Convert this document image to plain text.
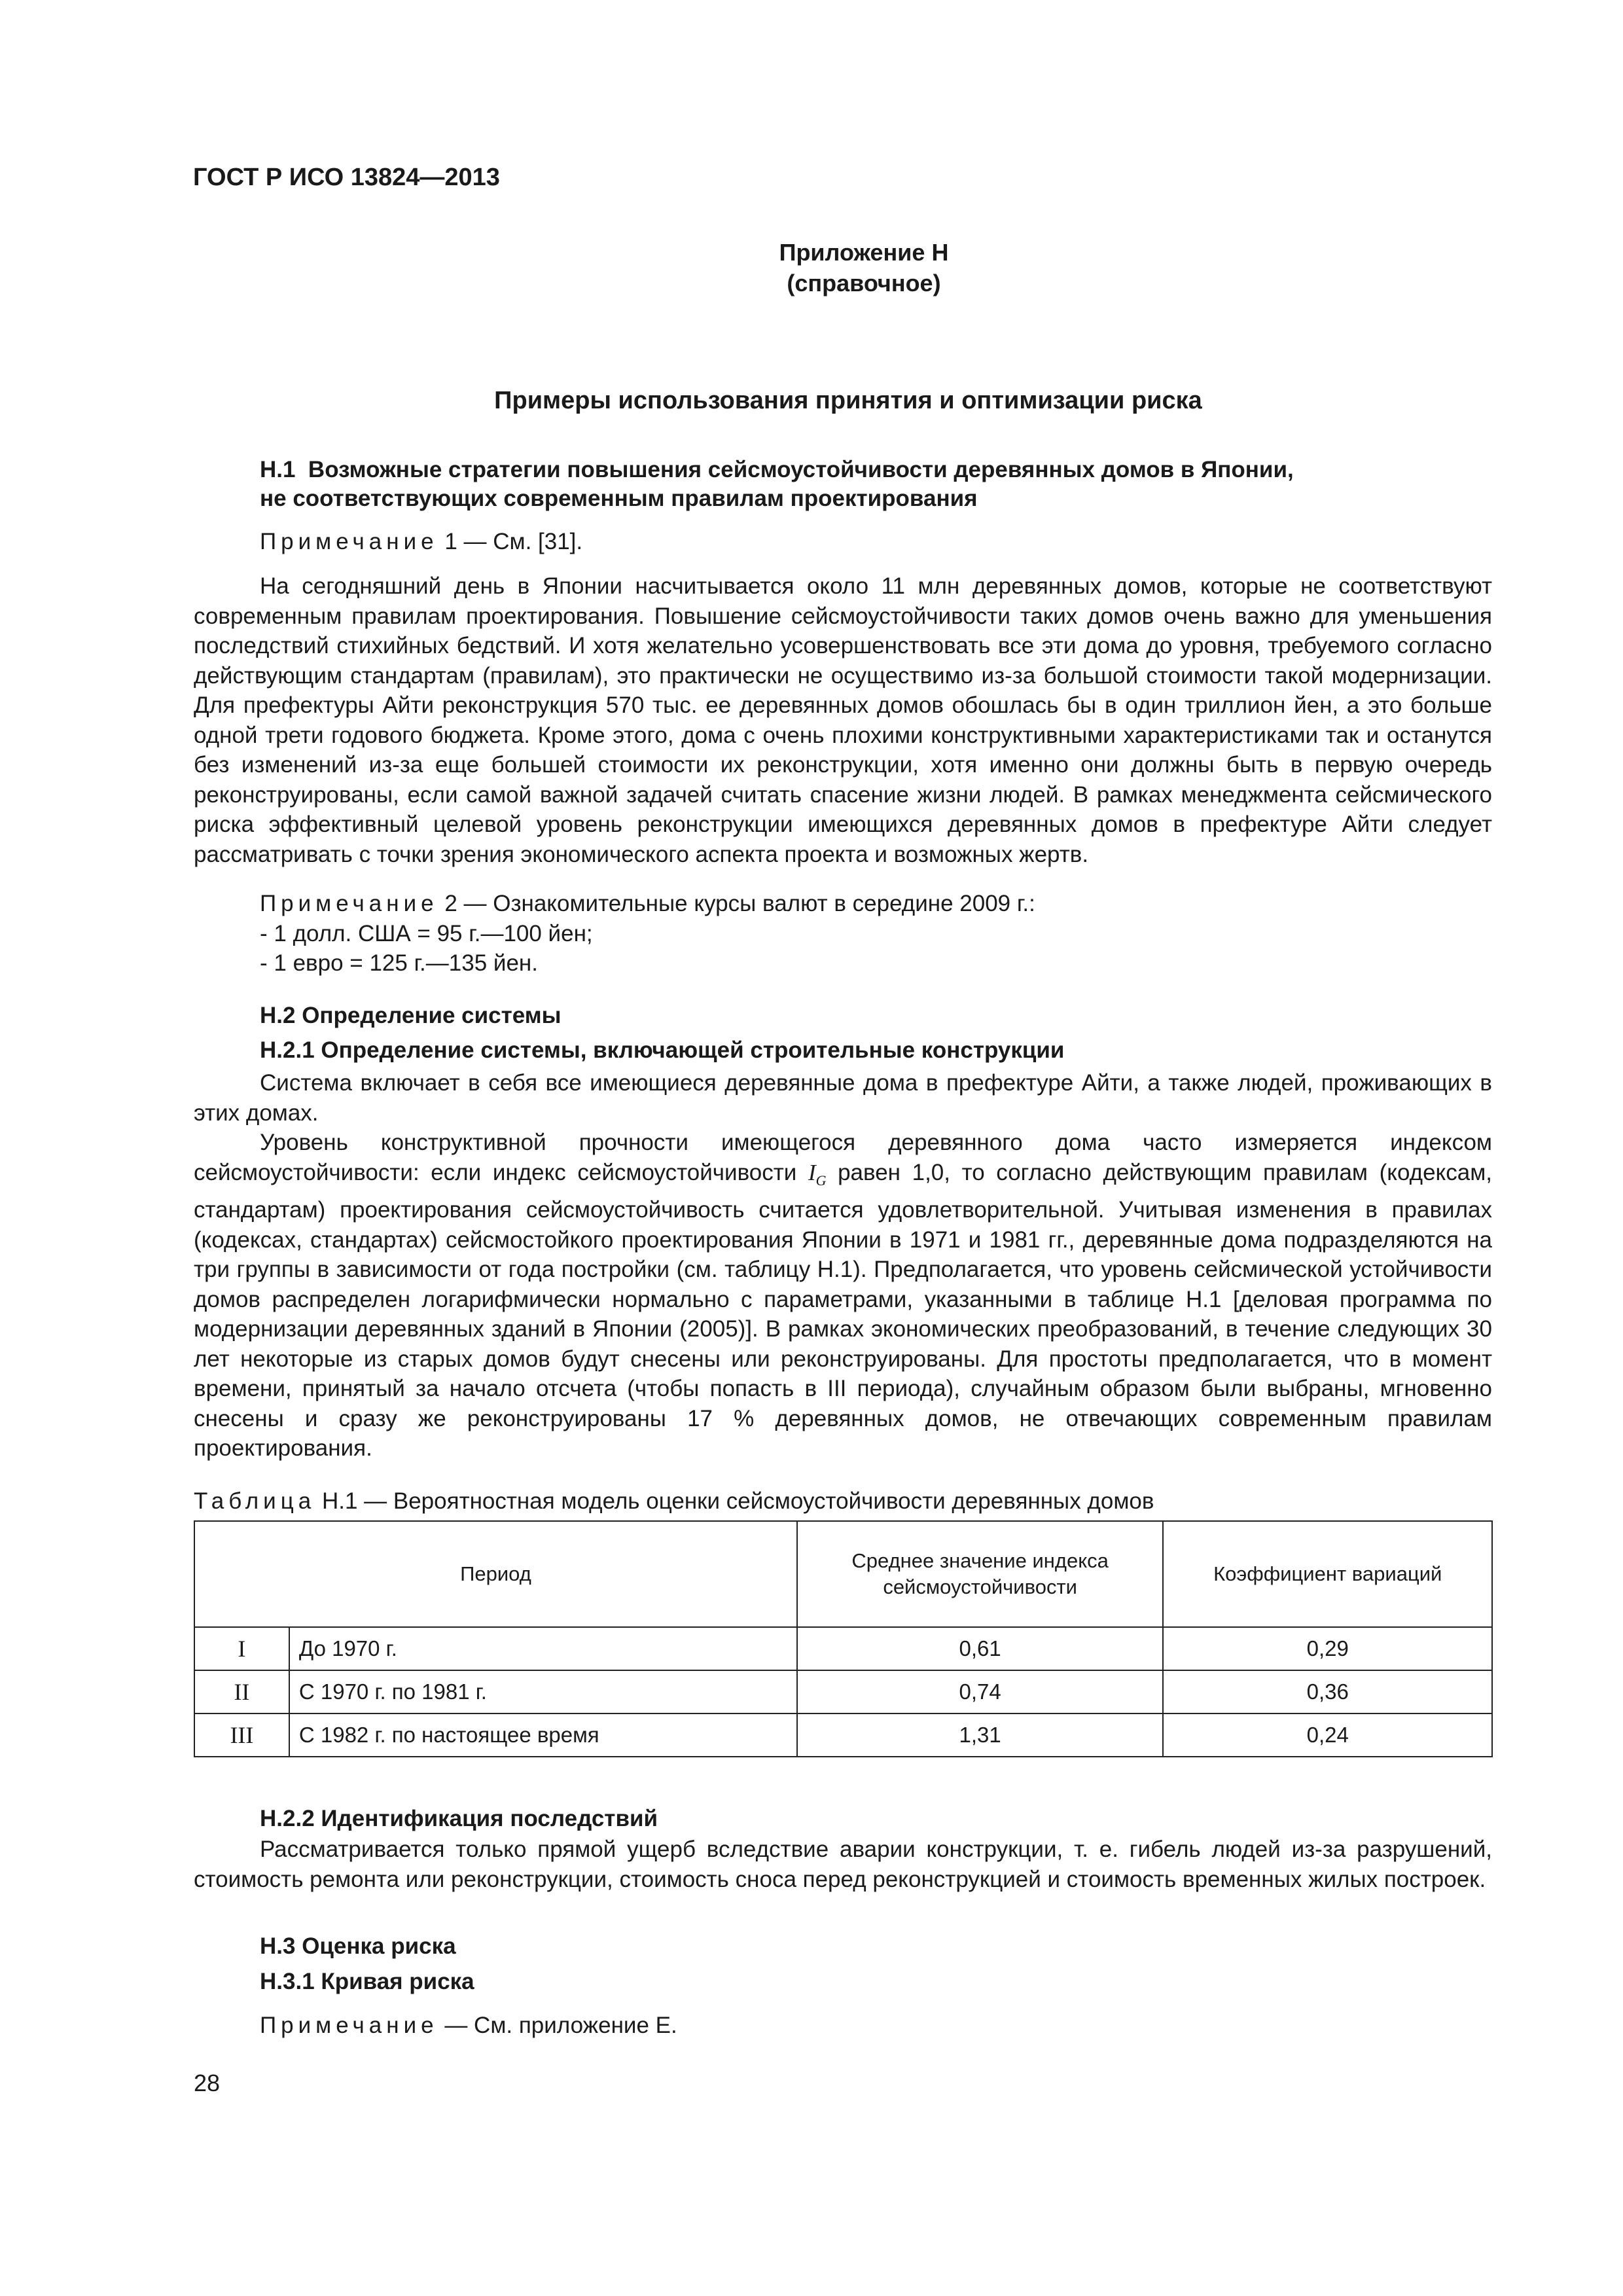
ГОСТ Р ИСО 13824—2013
Приложение Н
(справочное)
Примеры использования принятия и оптимизации риска
Н.1 Возможные стратегии повышения сейсмоустойчивости деревянных домов в Японии,
не соответствующих современным правилам проектирования

Примечание 1 — См. [31].

На сегодняшний день в Японии насчитывается около 11 млн деревянных домов, которые не соответствуют современным правилам проектирования. Повышение сейсмоустойчивости таких домов очень важно для уменьшения последствий стихийных бедствий. И хотя желательно усовершенствовать все эти дома до уровня, требуемого согласно действующим стандартам (правилам), это практически не осуществимо из-за большой стоимости такой модернизации. Для префектуры Айти реконструкция 570 тыс. ее деревянных домов обошлась бы в один триллион йен, а это больше одной трети годового бюджета. Кроме этого, дома с очень плохими конструктивными характеристиками так и останутся без изменений из-за еще большей стоимости их реконструкции, хотя именно они должны быть в первую очередь реконструированы, если самой важной задачей считать спасение жизни людей. В рамках менеджмента сейсмического риска эффективный целевой уровень реконструкции имеющихся деревянных домов в префектуре Айти следует рассматривать с точки зрения экономического аспекта проекта и возможных жертв.

Примечание 2 — Ознакомительные курсы валют в середине 2009 г.:

- 1 долл. США = 95 г.—100 йен;

- 1 евро = 125 г.—135 йен.

Н.2 Определение системы
Н.2.1 Определение системы, включающей строительные конструкции

Система включает в себя все имеющиеся деревянные дома в префектуре Айти, а также людей, проживающих в этих домах.

Уровень конструктивной прочности имеющегося деревянного дома часто измеряется индексом сейсмоустойчивости: если индекс сейсмоустойчивости $I_G$ равен 1,0, то согласно действующим правилам (кодексам, стандартам) проектирования сейсмоустойчивость считается удовлетворительной. Учитывая изменения в правилах (кодексах, стандартах) сейсмостойкого проектирования Японии в 1971 и 1981 гг., деревянные дома подразделяются на три группы в зависимости от года постройки (см. таблицу Н.1). Предполагается, что уровень сейсмической устойчивости домов распределен логарифмически нормально с параметрами, указанными в таблице Н.1 [деловая программа по модернизации деревянных зданий в Японии (2005)]. В рамках экономических преобразований, в течение следующих 30 лет некоторые из старых домов будут снесены или реконструированы. Для простоты предполагается, что в момент времени, принятый за начало отсчета (чтобы попасть в III периода), случайным образом были выбраны, мгновенно снесены и сразу же реконструированы 17 % деревянных домов, не отвечающих современным правилам проектирования.

Таблица Н.1 — Вероятностная модель оценки сейсмоустойчивости деревянных домов
Период		Среднее значение индекса сейсмоустойчивости	Коэффициент вариаций
I	До 1970 г.	0,61	0,29
II	С 1970 г. по 1981 г.	0,74	0,36
III	С 1982 г. по настоящее время	1,31	0,24
Н.2.2 Идентификация последствий

Рассматривается только прямой ущерб вследствие аварии конструкции, т. е. гибель людей из-за разрушений, стоимость ремонта или реконструкции, стоимость сноса перед реконструкцией и стоимость временных жилых построек.

Н.3 Оценка риска
Н.3.1 Кривая риска

Примечание — См. приложение Е.

28
